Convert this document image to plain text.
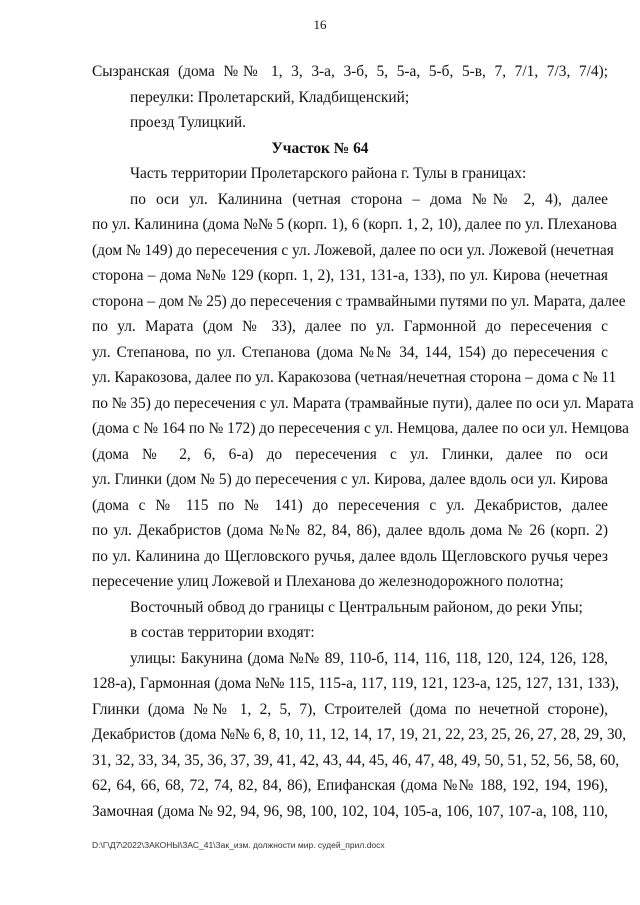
16
Сызранская (дома №№ 1, 3, 3-а, 3-б, 5, 5-а, 5-б, 5-в, 7, 7/1, 7/3, 7/4);
переулки: Пролетарский, Кладбищенский;
проезд Тулицкий.
Участок № 64
Часть территории Пролетарского района г. Тулы в границах:
по оси ул. Калинина (четная сторона – дома №№ 2, 4), далее
по ул. Калинина (дома №№ 5 (корп. 1), 6 (корп. 1, 2, 10), далее по ул. Плеханова
(дом № 149) до пересечения с ул. Ложевой, далее по оси ул. Ложевой (нечетная
сторона – дома №№ 129 (корп. 1, 2), 131, 131-а, 133), по ул. Кирова (нечетная
сторона – дом № 25) до пересечения с трамвайными путями по ул. Марата, далее
по ул. Марата (дом № 33), далее по ул. Гармонной до пересечения с
ул. Степанова, по ул. Степанова (дома №№ 34, 144, 154) до пересечения с
ул. Каракозова, далее по ул. Каракозова (четная/нечетная сторона – дома с № 11
по № 35) до пересечения с ул. Марата (трамвайные пути), далее по оси ул. Марата
(дома с № 164 по № 172) до пересечения с ул. Немцова, далее по оси ул. Немцова
(дома № 2, 6, 6-а) до пересечения с ул. Глинки, далее по оси
ул. Глинки (дом № 5) до пересечения с ул. Кирова, далее вдоль оси ул. Кирова
(дома с № 115 по № 141) до пересечения с ул. Декабристов, далее
по ул. Декабристов (дома №№ 82, 84, 86), далее вдоль дома № 26 (корп. 2)
по ул. Калинина до Щегловского ручья, далее вдоль Щегловского ручья через
пересечение улиц Ложевой и Плеханова до железнодорожного полотна;
Восточный обвод до границы с Центральным районом, до реки Упы;
в состав территории входят:
улицы: Бакунина (дома №№ 89, 110-б, 114, 116, 118, 120, 124, 126, 128,
128-а), Гармонная (дома №№ 115, 115-а, 117, 119, 121, 123-а, 125, 127, 131, 133),
Глинки (дома №№ 1, 2, 5, 7), Строителей (дома по нечетной стороне),
Декабристов (дома №№ 6, 8, 10, 11, 12, 14, 17, 19, 21, 22, 23, 25, 26, 27, 28, 29, 30,
31, 32, 33, 34, 35, 36, 37, 39, 41, 42, 43, 44, 45, 46, 47, 48, 49, 50, 51, 52, 56, 58, 60,
62, 64, 66, 68, 72, 74, 82, 84, 86), Епифанская (дома №№ 188, 192, 194, 196),
Замочная (дома № 92, 94, 96, 98, 100, 102, 104, 105-а, 106, 107, 107-а, 108, 110,
D:\Г\Д7\2022\ЗАКОНЫ\ЗАС_41\Зак_изм. должности мир. судей_прил.docx
